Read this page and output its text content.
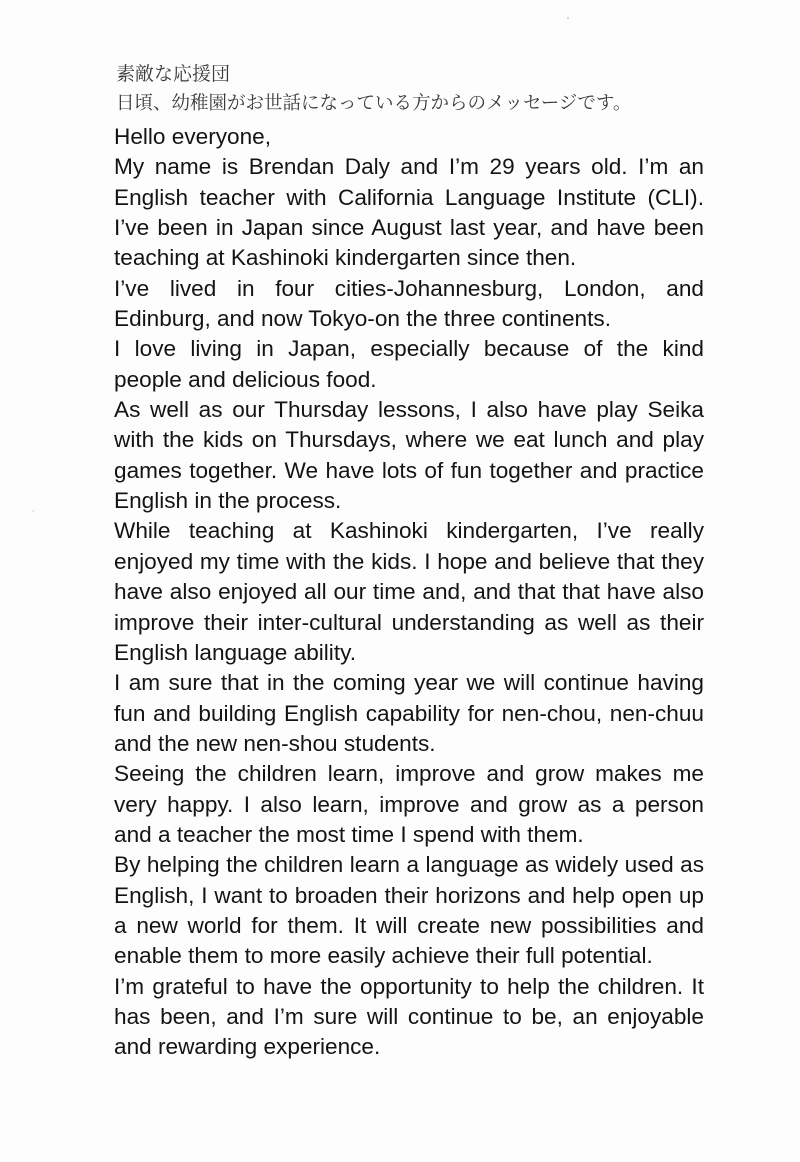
素敵な応援団
日頃、幼稚園がお世話になっている方からのメッセージです。

Hello everyone,

My name is Brendan Daly and I’m 29 years old. I’m an English teacher with California Language Institute (CLI). I’ve been in Japan since August last year, and have been teaching at Kashinoki kindergarten since then.

I’ve lived in four cities-Johannesburg, London, and Edinburg, and now Tokyo-on the three continents.

I love living in Japan, especially because of the kind people and delicious food.

As well as our Thursday lessons, I also have play Seika with the kids on Thursdays, where we eat lunch and play games together. We have lots of fun together and practice English in the process.

While teaching at Kashinoki kindergarten, I’ve really enjoyed my time with the kids. I hope and believe that they have also enjoyed all our time and, and that that have also improve their inter-cultural understanding as well as their English language ability.

I am sure that in the coming year we will continue having fun and building English capability for nen-chou, nen-chuu and the new nen-shou students.

Seeing the children learn, improve and grow makes me very happy. I also learn, improve and grow as a person and a teacher the most time I spend with them.

By helping the children learn a language as widely used as English, I want to broaden their horizons and help open up a new world for them. It will create new possibilities and enable them to more easily achieve their full potential.

I’m grateful to have the opportunity to help the children. It has been, and I’m sure will continue to be, an enjoyable and rewarding experience.
